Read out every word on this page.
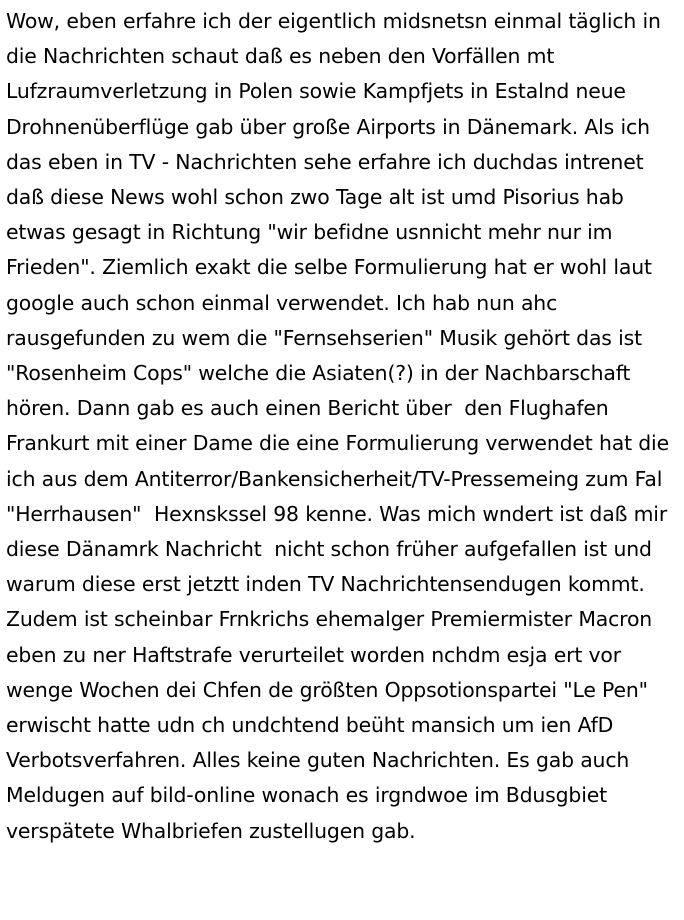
Wow, eben erfahre ich der eigentlich midsnetsn einmal täglich in die Nachrichten schaut daß es neben den Vorfällen mt Lufzraumverletzung in Polen sowie Kampfjets in Estalnd neue Drohnenüberflüge gab über große Airports in Dänemark. Als ich das eben in TV - Nachrichten sehe erfahre ich duchdas intrenet daß diese News wohl schon zwo Tage alt ist umd Pisorius hab etwas gesagt in Richtung "wir befidne usnnicht mehr nur im Frieden". Ziemlich exakt die selbe Formulierung hat er wohl laut google auch schon einmal verwendet. Ich hab nun ahc rausgefunden zu wem die "Fernsehserien" Musik gehört das ist "Rosenheim Cops" welche die Asiaten(?) in der Nachbarschaft hören. Dann gab es auch einen Bericht über  den Flughafen Frankurt mit einer Dame die eine Formulierung verwendet hat die ich aus dem Antiterror/Bankensicherheit/TV-Pressemeing zum Fal "Herrhausen"  Hexnskssel 98 kenne. Was mich wndert ist daß mir diese Dänamrk Nachricht  nicht schon früher aufgefallen ist und warum diese erst jetztt inden TV Nachrichtensendugen kommt.  Zudem ist scheinbar Frnkrichs ehemalger Premiermister Macron eben zu ner Haftstrafe verurteilet worden nchdm esja ert vor wenge Wochen dei Chfen de größten Oppsotionspartei "Le Pen" erwischt hatte udn ch undchtend beüht mansich um ien AfD Verbotsverfahren. Alles keine guten Nachrichten. Es gab auch Meldugen auf bild-online wonach es irgndwoe im Bdusgbiet verspätete Whalbriefen zustellugen gab.
